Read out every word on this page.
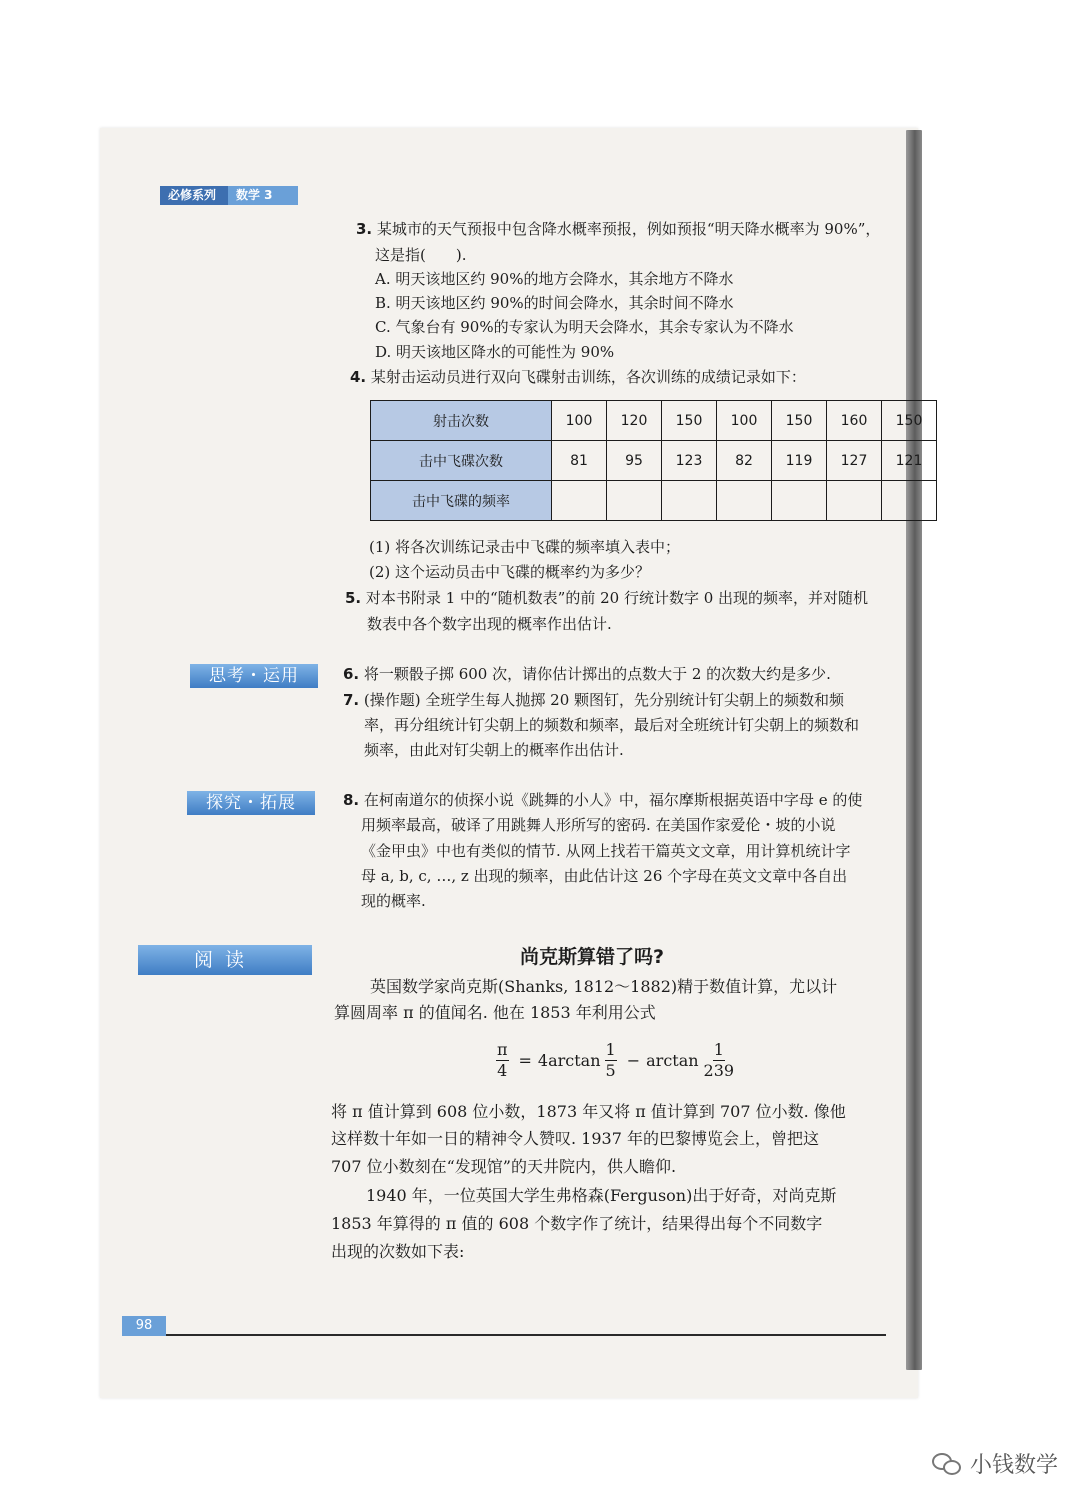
必修系列	数学 3
3. 某城市的天气预报中包含降水概率预报，例如预报“明天降水概率为 90%”，
这是指(　　).
A. 明天该地区约 90%的地方会降水，其余地方不降水
B. 明天该地区约 90%的时间会降水，其余时间不降水
C. 气象台有 90%的专家认为明天会降水，其余专家认为不降水
D. 明天该地区降水的可能性为 90%
4. 某射击运动员进行双向飞碟射击训练，各次训练的成绩记录如下：
射击次数	100	120	150	100	150	160	150
击中飞碟次数	81	95	123	82	119	127	121
击中飞碟的频率							
(1) 将各次训练记录击中飞碟的频率填入表中；
(2) 这个运动员击中飞碟的概率约为多少？
5. 对本书附录 1 中的“随机数表”的前 20 行统计数字 0 出现的频率，并对随机
数表中各个数字出现的概率作出估计.
思考・运用	6. 将一颗骰子掷 600 次，请你估计掷出的点数大于 2 的次数大约是多少.
7. (操作题) 全班学生每人抛掷 20 颗图钉，先分别统计钉尖朝上的频数和频
率，再分组统计钉尖朝上的频数和频率，最后对全班统计钉尖朝上的频数和
频率，由此对钉尖朝上的概率作出估计.
探究・拓展	8. 在柯南道尔的侦探小说《跳舞的小人》中，福尔摩斯根据英语中字母 e 的使
用频率最高，破译了用跳舞人形所写的密码. 在美国作家爱伦・坡的小说
《金甲虫》中也有类似的情节. 从网上找若干篇英文文章，用计算机统计字
母 a, b, c, …, z 出现的频率，由此估计这 26 个字母在英文文章中各自出
现的概率.
阅读	尚克斯算错了吗?
英国数学家尚克斯(Shanks, 1812～1882)精于数值计算，尤以计
算圆周率 π 的值闻名. 他在 1853 年利用公式
$\frac{\pi}{4} = 4\arctan \frac{1}{5} - \arctan \frac{1}{239}$
将 π 值计算到 608 位小数，1873 年又将 π 值计算到 707 位小数. 像他
这样数十年如一日的精神令人赞叹. 1937 年的巴黎博览会上，曾把这
707 位小数刻在“发现馆”的天井院内，供人瞻仰.
1940 年，一位英国大学生弗格森(Ferguson)出于好奇，对尚克斯
1853 年算得的 π 值的 608 个数字作了统计，结果得出每个不同数字
出现的次数如下表:
98
小钱数学
